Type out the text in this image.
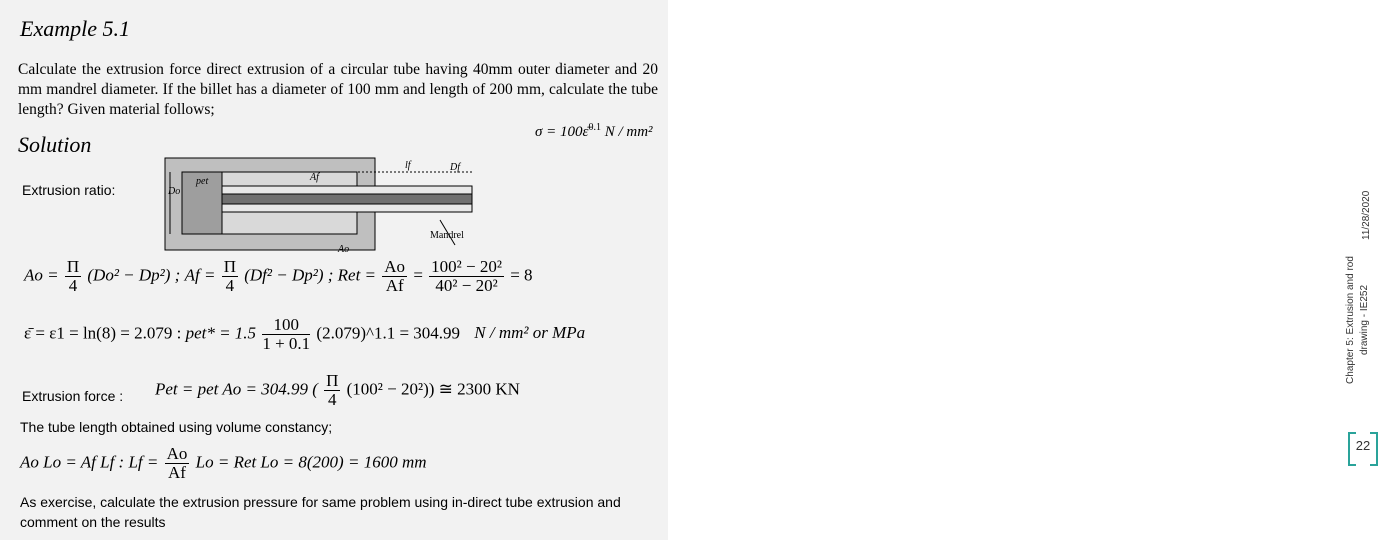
Example 5.1
Calculate the extrusion force direct extrusion of a circular tube having 40mm outer diameter and 20 mm mandrel diameter. If the billet has a diameter of 100 mm and length of 200 mm, calculate the tube length? Given material follows;
σ = 100ε̄$^{0.1}$ N / mm²
Solution
Extrusion ratio:
pet
Do
Af
Ao
lf	Df
Mandrel
$Ao = \frac{\Pi}{4} (Do^2 - Dp^2)$ ; $Af = \frac{\Pi}{4} (Df^2 - Dp^2)$ ; Ret = $\frac{Ao}{Af} = \frac{\text{100² − 20²}}{\text{40² − 20²}} = 8$
ε̄ = ε1 = ln(8) = 2.079 : $pet* = 1.5 \frac{100}{1 + 0.1}$ (2.079)^1.1 = 304.99 N / mm² or MPa
Extrusion force : Pet = pet Ao = 304.99 ( $\frac{\Pi}{4} (100^2 - 20^2)$) ≅ 2300 KN
The tube length obtained using volume constancy;
Ao Lo = Af Lf : $Lf = \frac{Ao}{Af}$ Lo = Ret Lo = 8(200) = 1600 mm
As exercise, calculate the extrusion pressure for same problem using in-direct tube extrusion and comment on the results
11/28/2020
Chapter 5: Extrusion and rod drawing - IE252
22
